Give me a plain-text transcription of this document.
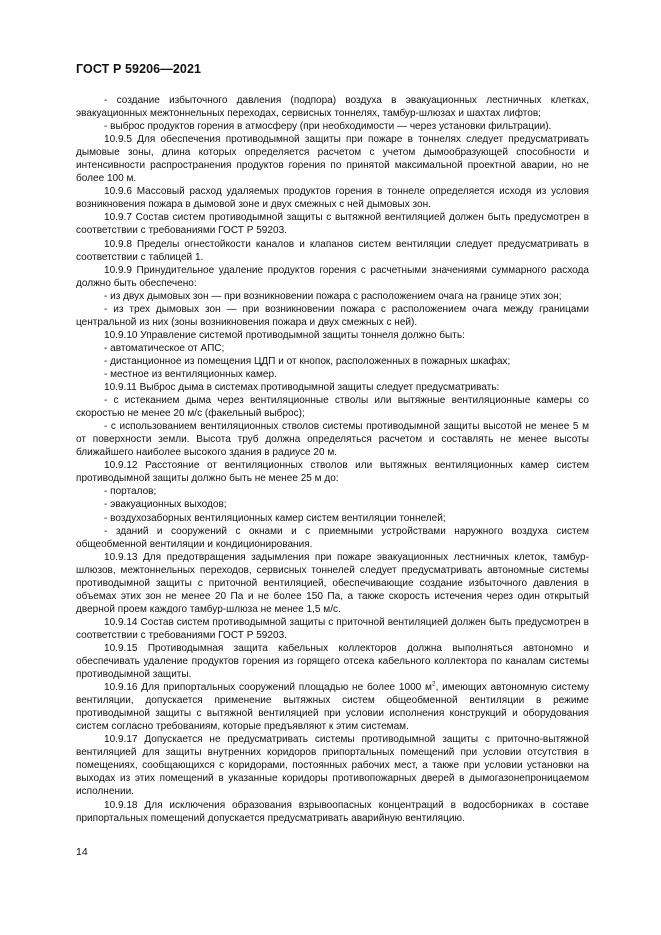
ГОСТ Р 59206—2021

- создание избыточного давления (подпора) воздуха в эвакуационных лестничных клетках, эвакуационных межтоннельных переходах, сервисных тоннелях, тамбур-шлюзах и шахтах лифтов;

- выброс продуктов горения в атмосферу (при необходимости — через установки фильтрации).

10.9.5 Для обеспечения противодымной защиты при пожаре в тоннелях следует предусматривать дымовые зоны, длина которых определяется расчетом с учетом дымообразующей способности и интенсивности распространения продуктов горения по принятой максимальной проектной аварии, но не более 100 м.

10.9.6 Массовый расход удаляемых продуктов горения в тоннеле определяется исходя из условия возникновения пожара в дымовой зоне и двух смежных с ней дымовых зон.

10.9.7 Состав систем противодымной защиты с вытяжной вентиляцией должен быть предусмотрен в соответствии с требованиями ГОСТ Р 59203.

10.9.8 Пределы огнестойкости каналов и клапанов систем вентиляции следует предусматривать в соответствии с таблицей 1.

10.9.9 Принудительное удаление продуктов горения с расчетными значениями суммарного расхода должно быть обеспечено:

- из двух дымовых зон — при возникновении пожара с расположением очага на границе этих зон;

- из трех дымовых зон — при возникновении пожара с расположением очага между границами центральной из них (зоны возникновения пожара и двух смежных с ней).

10.9.10 Управление системой противодымной защиты тоннеля должно быть:

- автоматическое от АПС;

- дистанционное из помещения ЦДП и от кнопок, расположенных в пожарных шкафах;

- местное из вентиляционных камер.

10.9.11 Выброс дыма в системах противодымной защиты следует предусматривать:

- с истеканием дыма через вентиляционные стволы или вытяжные вентиляционные камеры со скоростью не менее 20 м/с (факельный выброс);

- с использованием вентиляционных стволов системы противодымной защиты высотой не менее 5 м от поверхности земли. Высота труб должна определяться расчетом и составлять не менее высоты ближайшего наиболее высокого здания в радиусе 20 м.

10.9.12 Расстояние от вентиляционных стволов или вытяжных вентиляционных камер систем противодымной защиты должно быть не менее 25 м до:

- порталов;

- эвакуационных выходов;

- воздухозаборных вентиляционных камер систем вентиляции тоннелей;

- зданий и сооружений с окнами и с приемными устройствами наружного воздуха систем общеобменной вентиляции и кондиционирования.

10.9.13 Для предотвращения задымления при пожаре эвакуационных лестничных клеток, тамбур-шлюзов, межтоннельных переходов, сервисных тоннелей следует предусматривать автономные системы противодымной защиты с приточной вентиляцией, обеспечивающие создание избыточного давления в объемах этих зон не менее 20 Па и не более 150 Па, а также скорость истечения через один открытый дверной проем каждого тамбур-шлюза не менее 1,5 м/с.

10.9.14 Состав систем противодымной защиты с приточной вентиляцией должен быть предусмотрен в соответствии с требованиями ГОСТ Р 59203.

10.9.15 Противодымная защита кабельных коллекторов должна выполняться автономно и обеспечивать удаление продуктов горения из горящего отсека кабельного коллектора по каналам системы противодымной защиты.

10.9.16 Для припортальных сооружений площадью не более 1000 $м^2$, имеющих автономную систему вентиляции, допускается применение вытяжных систем общеобменной вентиляции в режиме противодымной защиты с вытяжной вентиляцией при условии исполнения конструкций и оборудования систем согласно требованиям, которые предъявляют к этим системам.

10.9.17 Допускается не предусматривать системы противодымной защиты с приточно-вытяжной вентиляцией для защиты внутренних коридоров припортальных помещений при условии отсутствия в помещениях, сообщающихся с коридорами, постоянных рабочих мест, а также при условии установки на выходах из этих помещений в указанные коридоры противопожарных дверей в дымогазонепроницаемом исполнении.

10.9.18 Для исключения образования взрывоопасных концентраций в водосборниках в составе припортальных помещений допускается предусматривать аварийную вентиляцию.

14
